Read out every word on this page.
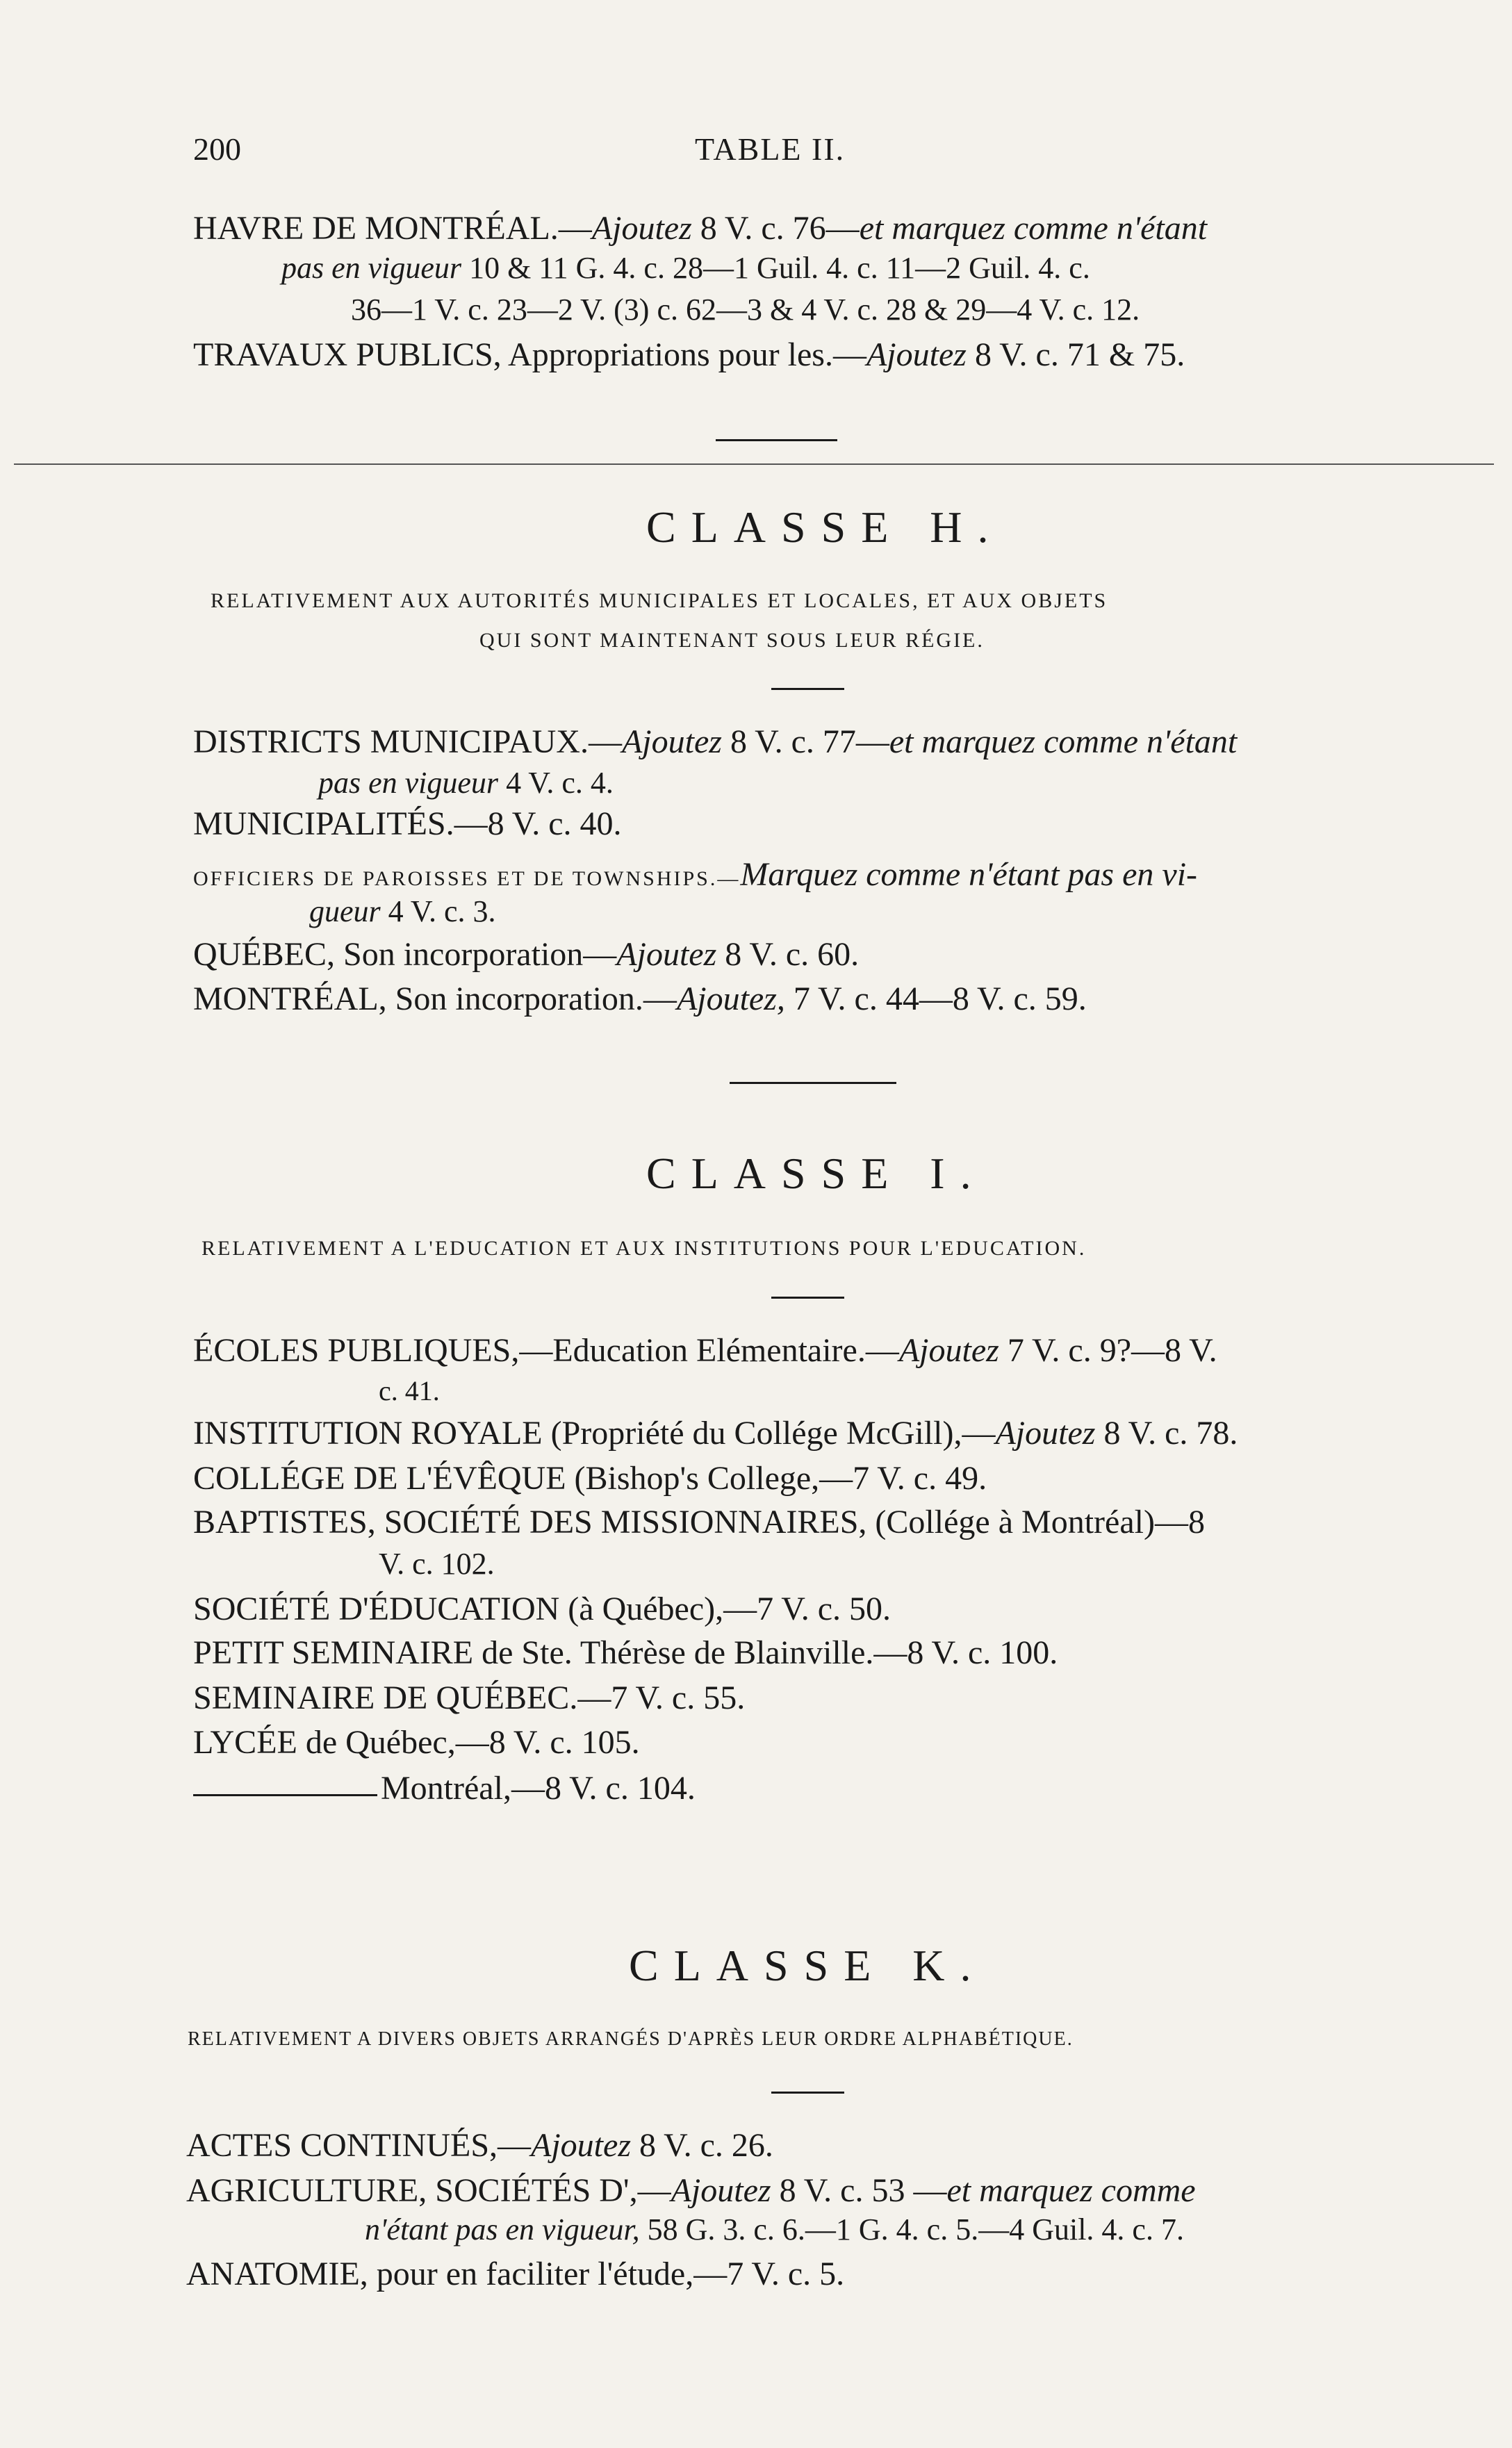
200	TABLE II.
HAVRE DE MONTRÉAL.—Ajoutez 8 V. c. 76—et marquez comme n'étant
pas en vigueur 10 & 11 G. 4. c. 28—1 Guil. 4. c. 11—2 Guil. 4. c.
36—1 V. c. 23—2 V. (3) c. 62—3 & 4 V. c. 28 & 29—4 V. c. 12.
TRAVAUX PUBLICS, Appropriations pour les.—Ajoutez 8 V. c. 71 & 75.
CLASSE H.
RELATIVEMENT AUX AUTORITÉS MUNICIPALES ET LOCALES, ET AUX OBJETS
QUI SONT MAINTENANT SOUS LEUR RÉGIE.
DISTRICTS MUNICIPAUX.—Ajoutez 8 V. c. 77—et marquez comme n'étant
pas en vigueur 4 V. c. 4.
MUNICIPALITÉS.—8 V. c. 40.
OFFICIERS DE PAROISSES ET DE TOWNSHIPS.—Marquez comme n'étant pas en vi-
gueur 4 V. c. 3.
QUÉBEC, Son incorporation—Ajoutez 8 V. c. 60.
MONTRÉAL, Son incorporation.—Ajoutez, 7 V. c. 44—8 V. c. 59.
CLASSE I.
RELATIVEMENT A L'EDUCATION ET AUX INSTITUTIONS POUR L'EDUCATION.
ÉCOLES PUBLIQUES,—Education Elémentaire.—Ajoutez 7 V. c. 9?—8 V.
c. 41.
INSTITUTION ROYALE (Propriété du Collége McGill),—Ajoutez 8 V. c. 78.
COLLÉGE DE L'ÉVÊQUE (Bishop's College,—7 V. c. 49.
BAPTISTES, SOCIÉTÉ DES MISSIONNAIRES, (Collége à Montréal)—8
V. c. 102.
SOCIÉTÉ D'ÉDUCATION (à Québec),—7 V. c. 50.
PETIT SEMINAIRE de Ste. Thérèse de Blainville.—8 V. c. 100.
SEMINAIRE DE QUÉBEC.—7 V. c. 55.
LYCÉE de Québec,—8 V. c. 105.
Montréal,—8 V. c. 104.
CLASSE K.
RELATIVEMENT A DIVERS OBJETS ARRANGÉS D'APRÈS LEUR ORDRE ALPHABÉTIQUE.
ACTES CONTINUÉS,—Ajoutez 8 V. c. 26.
AGRICULTURE, SOCIÉTÉS D',—Ajoutez 8 V. c. 53 —et marquez comme
n'étant pas en vigueur, 58 G. 3. c. 6.—1 G. 4. c. 5.—4 Guil. 4. c. 7.
ANATOMIE, pour en faciliter l'étude,—7 V. c. 5.
